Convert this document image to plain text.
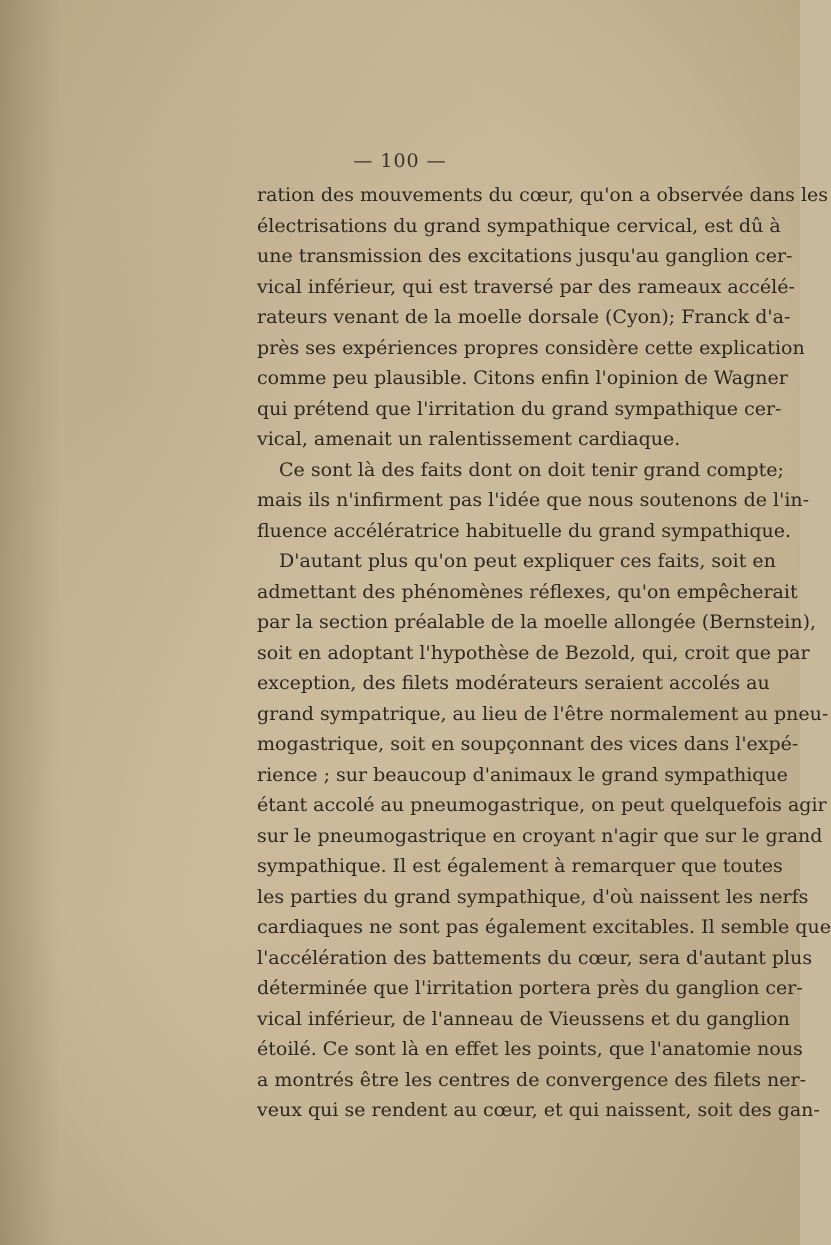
— 100 —
ration des mouvements du cœur, qu'on a observée dans les
électrisations du grand sympathique cervical, est dû à
une transmission des excitations jusqu'au ganglion cer-
vical inférieur, qui est traversé par des rameaux accélé-
rateurs venant de la moelle dorsale (Cyon); Franck d'a-
près ses expériences propres considère cette explication
comme peu plausible. Citons enfin l'opinion de Wagner
qui prétend que l'irritation du grand sympathique cer-
vical, amenait un ralentissement cardiaque.
Ce sont là des faits dont on doit tenir grand compte;
mais ils n'infirment pas l'idée que nous soutenons de l'in-
fluence accélératrice habituelle du grand sympathique.
D'autant plus qu'on peut expliquer ces faits, soit en
admettant des phénomènes réflexes, qu'on empêcherait
par la section préalable de la moelle allongée (Bernstein),
soit en adoptant l'hypothèse de Bezold, qui, croit que par
exception, des filets modérateurs seraient accolés au
grand sympatrique, au lieu de l'être normalement au pneu-
mogastrique, soit en soupçonnant des vices dans l'expé-
rience ; sur beaucoup d'animaux le grand sympathique
étant accolé au pneumogastrique, on peut quelquefois agir
sur le pneumogastrique en croyant n'agir que sur le grand
sympathique. Il est également à remarquer que toutes
les parties du grand sympathique, d'où naissent les nerfs
cardiaques ne sont pas également excitables. Il semble que
l'accélération des battements du cœur, sera d'autant plus
déterminée que l'irritation portera près du ganglion cer-
vical inférieur, de l'anneau de Vieussens et du ganglion
étoilé. Ce sont là en effet les points, que l'anatomie nous
a montrés être les centres de convergence des filets ner-
veux qui se rendent au cœur, et qui naissent, soit des gan-
